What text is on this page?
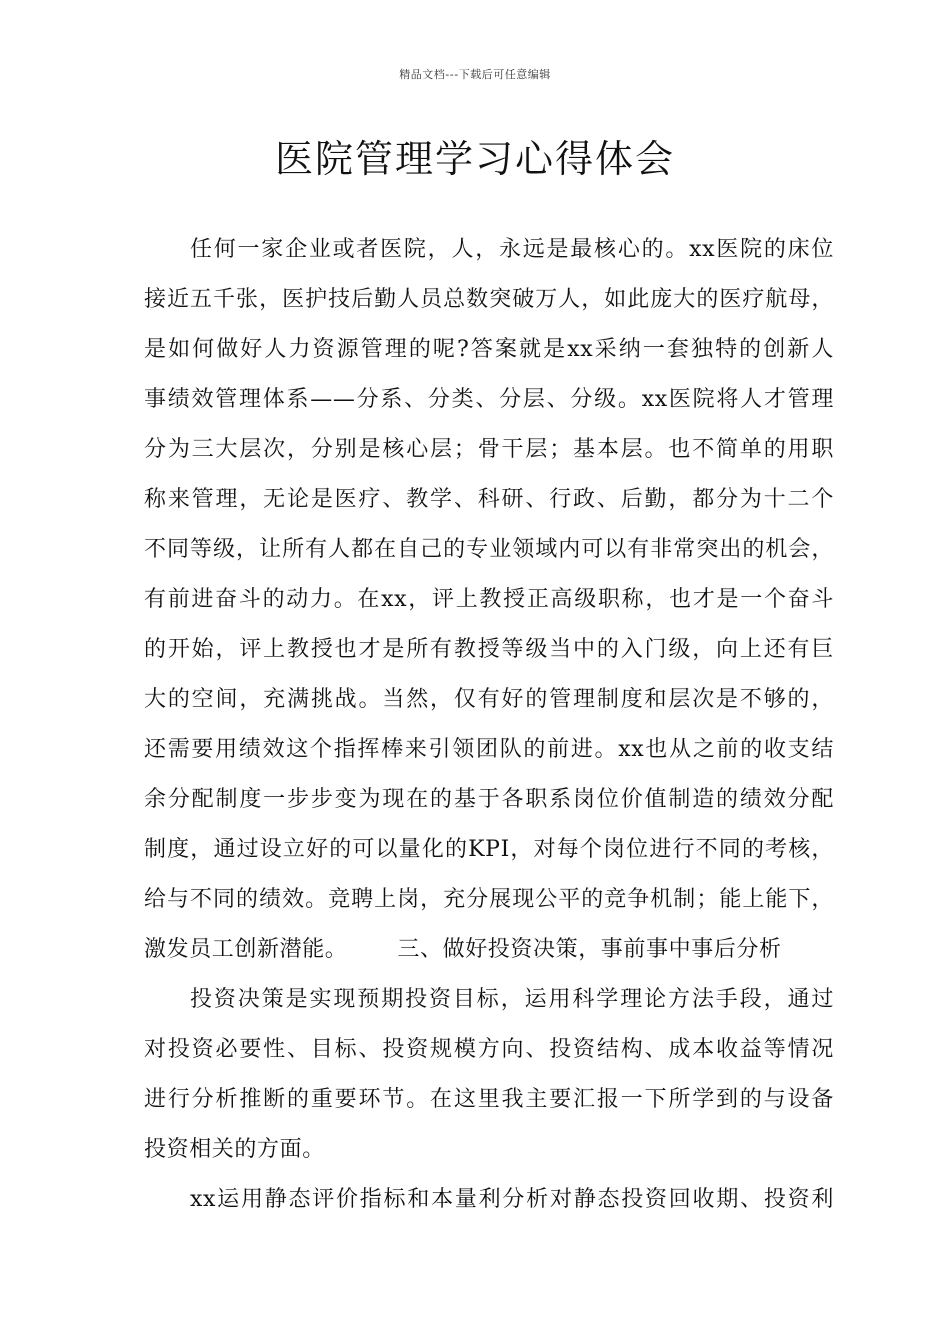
精品文档---下载后可任意编辑
医院管理学习心得体会
任何一家企业或者医院，人，永远是最核心的。xx医院的床位
接近五千张，医护技后勤人员总数突破万人，如此庞大的医疗航母，
是如何做好人力资源管理的呢?答案就是xx采纳一套独特的创新人
事绩效管理体系——分系、分类、分层、分级。xx医院将人才管理
分为三大层次，分别是核心层；骨干层；基本层。也不简单的用职
称来管理，无论是医疗、教学、科研、行政、后勤，都分为十二个
不同等级，让所有人都在自己的专业领域内可以有非常突出的机会，
有前进奋斗的动力。在xx，评上教授正高级职称，也才是一个奋斗
的开始，评上教授也才是所有教授等级当中的入门级，向上还有巨
大的空间，充满挑战。当然，仅有好的管理制度和层次是不够的，
还需要用绩效这个指挥棒来引领团队的前进。xx也从之前的收支结
余分配制度一步步变为现在的基于各职系岗位价值制造的绩效分配
制度，通过设立好的可以量化的KPI，对每个岗位进行不同的考核，
给与不同的绩效。竞聘上岗，充分展现公平的竞争机制；能上能下，
激发员工创新潜能。 三、做好投资决策，事前事中事后分析
投资决策是实现预期投资目标，运用科学理论方法手段，通过
对投资必要性、目标、投资规模方向、投资结构、成本收益等情况
进行分析推断的重要环节。在这里我主要汇报一下所学到的与设备
投资相关的方面。
xx运用静态评价指标和本量利分析对静态投资回收期、投资利
